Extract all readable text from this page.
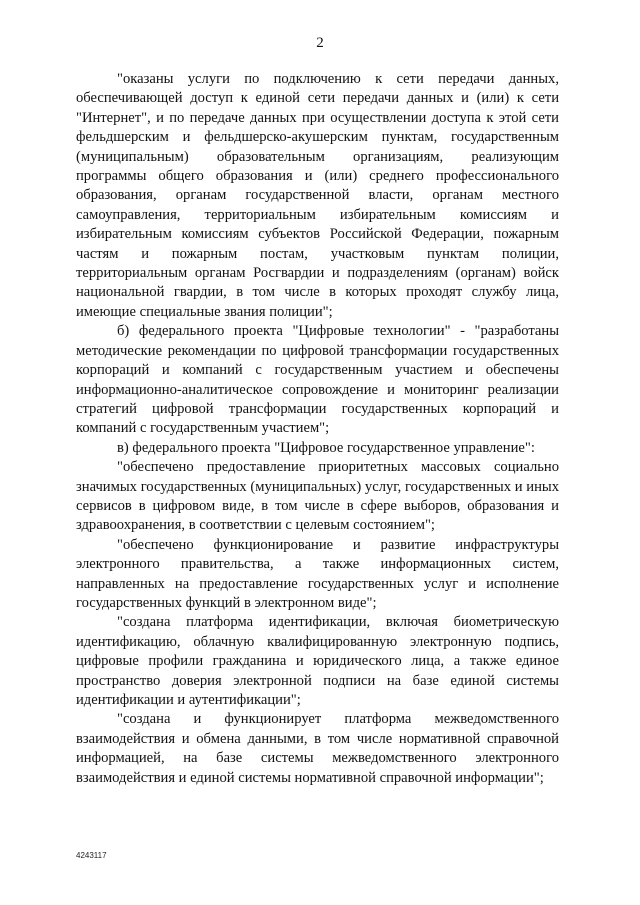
2

"оказаны услуги по подключению к сети передачи данных, обеспечивающей доступ к единой сети передачи данных и (или) к сети "Интернет", и по передаче данных при осуществлении доступа к этой сети фельдшерским и фельдшерско-акушерским пунктам, государственным (муниципальным) образовательным организациям, реализующим программы общего образования и (или) среднего профессионального образования, органам государственной власти, органам местного самоуправления, территориальным избирательным комиссиям и избирательным комиссиям субъектов Российской Федерации, пожарным частям и пожарным постам, участковым пунктам полиции, территориальным органам Росгвардии и подразделениям (органам) войск национальной гвардии, в том числе в которых проходят службу лица, имеющие специальные звания полиции";

б) федерального проекта "Цифровые технологии" - "разработаны методические рекомендации по цифровой трансформации государственных корпораций и компаний с государственным участием и обеспечены информационно-аналитическое сопровождение и мониторинг реализации стратегий цифровой трансформации государственных корпораций и компаний с государственным участием";

в) федерального проекта "Цифровое государственное управление":

"обеспечено предоставление приоритетных массовых социально значимых государственных (муниципальных) услуг, государственных и иных сервисов в цифровом виде, в том числе в сфере выборов, образования и здравоохранения, в соответствии с целевым состоянием";

"обеспечено функционирование и развитие инфраструктуры электронного правительства, а также информационных систем, направленных на предоставление государственных услуг и исполнение государственных функций в электронном виде";

"создана платформа идентификации, включая биометрическую идентификацию, облачную квалифицированную электронную подпись, цифровые профили гражданина и юридического лица, а также единое пространство доверия электронной подписи на базе единой системы идентификации и аутентификации";

"создана и функционирует платформа межведомственного взаимодействия и обмена данными, в том числе нормативной справочной информацией, на базе системы межведомственного электронного взаимодействия и единой системы нормативной справочной информации";

4243117
